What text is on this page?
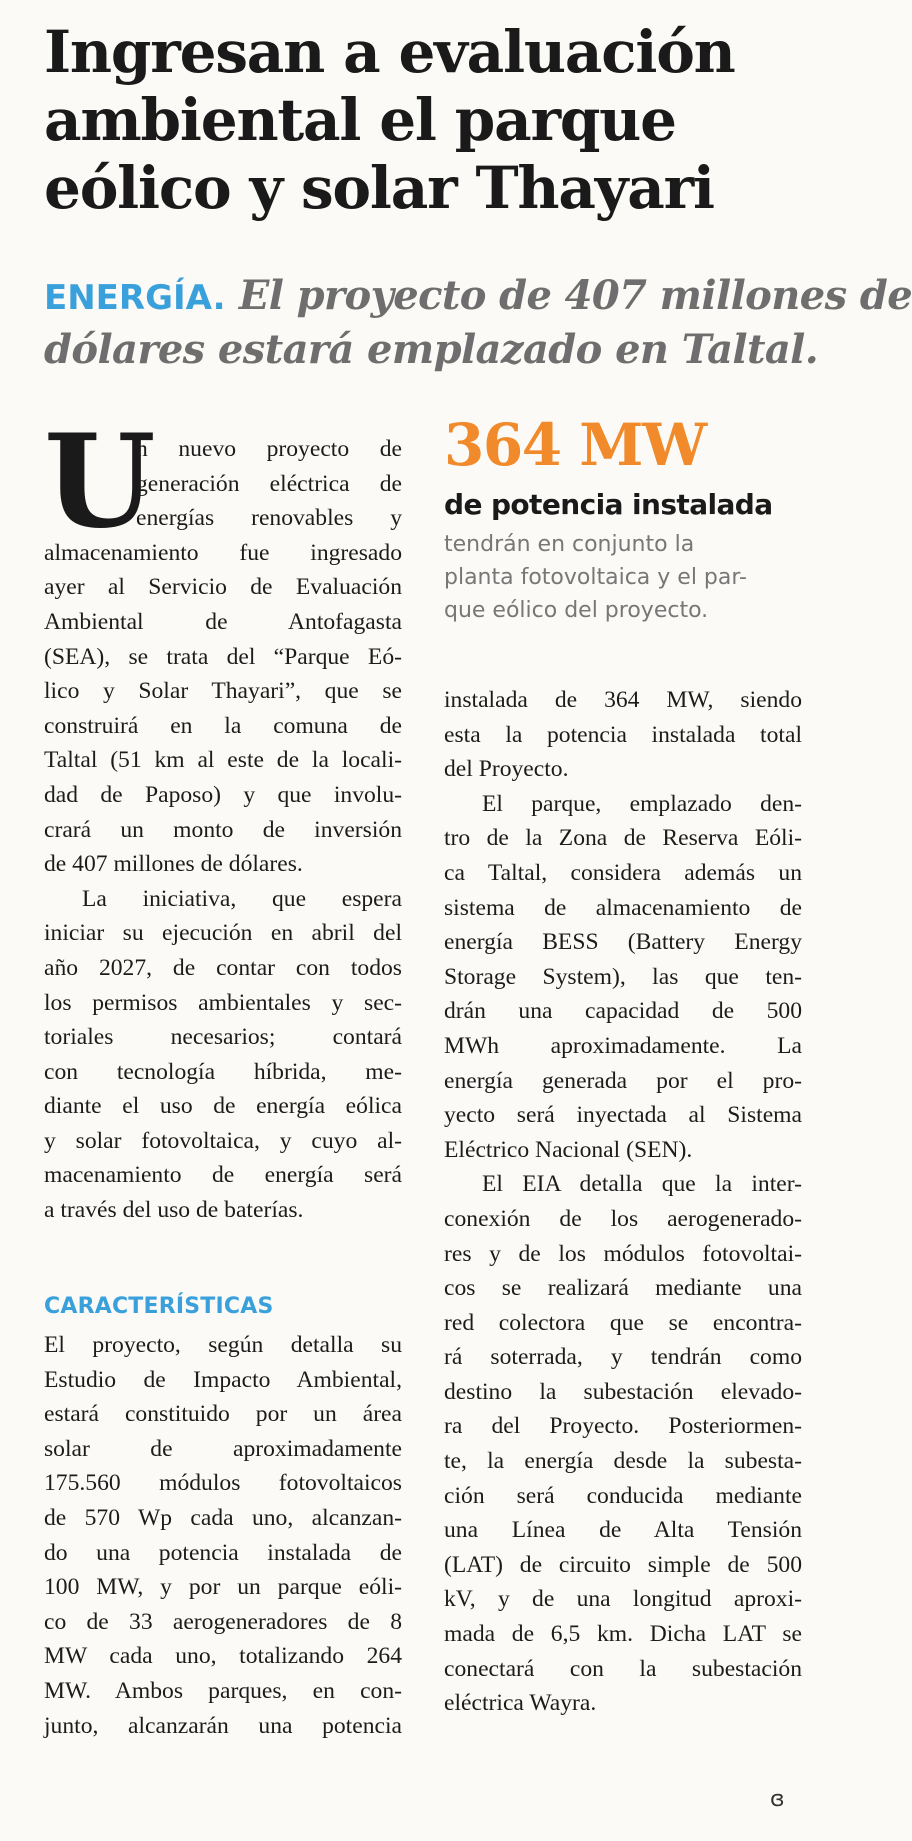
Ingresan a evaluación
ambiental el parque
eólico y solar Thayari
ENERGÍA. El proyecto de 407 millones de
dólares estará emplazado en Taltal.
U
n nuevo proyecto de
generación eléctrica de
energías renovables y
almacenamiento fue ingresado
ayer al Servicio de Evaluación
Ambiental de Antofagasta
(SEA), se trata del “Parque Eó-
lico y Solar Thayari”, que se
construirá en la comuna de
Taltal (51 km al este de la locali-
dad de Paposo) y que involu-
crará un monto de inversión
de 407 millones de dólares.
La iniciativa, que espera
iniciar su ejecución en abril del
año 2027, de contar con todos
los permisos ambientales y sec-
toriales necesarios; contará
con tecnología híbrida, me-
diante el uso de energía eólica
y solar fotovoltaica, y cuyo al-
macenamiento de energía será
a través del uso de baterías.
CARACTERÍSTICAS
El proyecto, según detalla su
Estudio de Impacto Ambiental,
estará constituido por un área
solar de aproximadamente
175.560 módulos fotovoltaicos
de 570 Wp cada uno, alcanzan-
do una potencia instalada de
100 MW, y por un parque eóli-
co de 33 aerogeneradores de 8
MW cada uno, totalizando 264
MW. Ambos parques, en con-
junto, alcanzarán una potencia
364 MW
de potencia instalada
tendrán en conjunto la
planta fotovoltaica y el par-
que eólico del proyecto.
instalada de 364 MW, siendo
esta la potencia instalada total
del Proyecto.
El parque, emplazado den-
tro de la Zona de Reserva Eóli-
ca Taltal, considera además un
sistema de almacenamiento de
energía BESS (Battery Energy
Storage System), las que ten-
drán una capacidad de 500
MWh aproximadamente. La
energía generada por el pro-
yecto será inyectada al Sistema
Eléctrico Nacional (SEN).
El EIA detalla que la inter-
conexión de los aerogenerado-
res y de los módulos fotovoltai-
cos se realizará mediante una
red colectora que se encontra-
rá soterrada, y tendrán como
destino la subestación elevado-
ra del Proyecto. Posteriormen-
te, la energía desde la subesta-
ción será conducida mediante
una Línea de Alta Tensión
(LAT) de circuito simple de 500
kV, y de una longitud aproxi-
mada de 6,5 km. Dicha LAT se
conectará con la subestación
eléctrica Wayra.
ɞ
